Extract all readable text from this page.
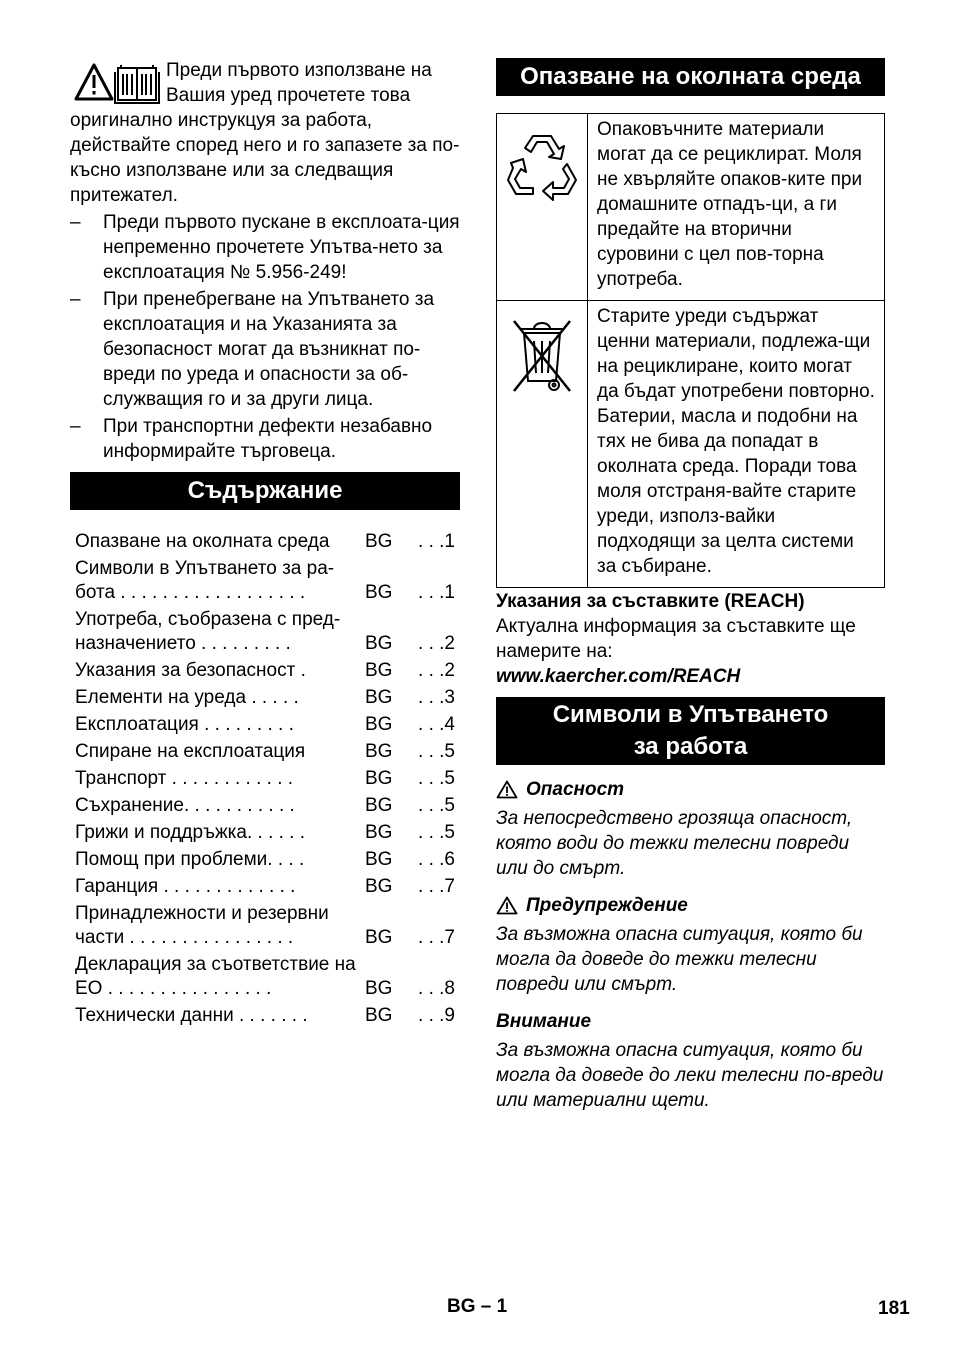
Преди първото използване на Вашия уред прочетете това

оригинално инструкцуя за работа, действайте според него и го запазете за по-късно използване или за следващия притежател.

– Преди първото пускане в експлоата-ция непременно прочетете Упътва-нето за експлоатация № 5.956-249!
– При пренебрегване на Упътването за експлоатация и на Указанията за безопасност могат да възникнат по-вреди по уреда и опасности за об-служващия го и за други лица.
– При транспортни дефекти незабавно информирайте търговеца.
Съдържание
Опазване на околната среда	BG	. . .1
Символи в Упътването за ра-бота . . . . . . . . . . . . . . . . . .	BG	. . .1
Употреба, съобразена с пред-назначението . . . . . . . . .	BG	. . .2
Указания за безопасност .	BG	. . .2
Елементи на уреда . . . . .	BG	. . .3
Експлоатация . . . . . . . . .	BG	. . .4
Спиране на експлоатация	BG	. . .5
Транспорт . . . . . . . . . . . .	BG	. . .5
Съхранение. . . . . . . . . . .	BG	. . .5
Грижи и поддръжка. . . . . .	BG	. . .5
Помощ при проблеми. . . .	BG	. . .6
Гаранция . . . . . . . . . . . . .	BG	. . .7
Принадлежности и резервни части . . . . . . . . . . . . . . . .	BG	. . .7
Декларация за съответствие на ЕО . . . . . . . . . . . . . . . .	BG	. . .8
Технически данни . . . . . . .	BG	. . .9
Опазване на околната среда
	Опаковъчните материали могат да се рециклират. Моля не хвърляйте опаков-ките при домашните отпадъ-ци, а ги предайте на вторични суровини с цел пов-торна употреба.
	Старите уреди съдържат ценни материали, подлежа-щи на рециклиране, които могат да бъдат употребени повторно. Батерии, масла и подобни на тях не бива да попадат в околната среда. Поради това моля отстраня-вайте старите уреди, използ-вайки подходящи за целта системи за събиране.
Указания за съставките (REACH)
Актуална информация за съставките ще намерите на:
www.kaercher.com/REACH
Символи в Упътването
за работа
Опасност
За непосредствено грозяща опасност, която води до тежки телесни повреди или до смърт.
Предупреждение
За възможна опасна ситуация, която би могла да доведе до тежки телесни повреди или смърт.
Внимание
За възможна опасна ситуация, която би могла да доведе до леки телесни по-вреди или материални щети.
BG – 1	181
